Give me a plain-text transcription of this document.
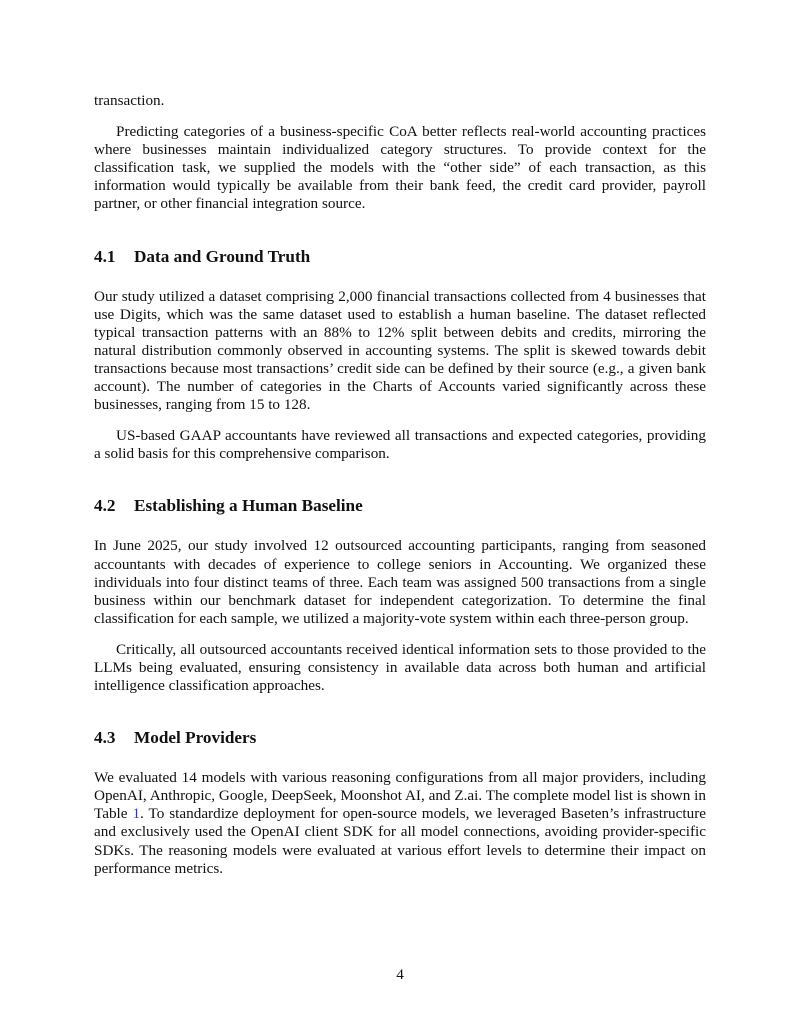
transaction.

Predicting categories of a business-specific CoA better reflects real-world accounting practices where businesses maintain individualized category structures. To provide context for the classification task, we supplied the models with the “other side” of each transaction, as this information would typically be available from their bank feed, the credit card provider, payroll partner, or other financial integration source.

4.1	Data and Ground Truth

Our study utilized a dataset comprising 2,000 financial transactions collected from 4 businesses that use Digits, which was the same dataset used to establish a human baseline. The dataset reflected typical transaction patterns with an 88% to 12% split between debits and credits, mirroring the natural distribution commonly observed in accounting systems. The split is skewed towards debit transactions because most transactions’ credit side can be defined by their source (e.g., a given bank account). The number of categories in the Charts of Accounts varied significantly across these businesses, ranging from 15 to 128.

US-based GAAP accountants have reviewed all transactions and expected categories, providing a solid basis for this comprehensive comparison.

4.2	Establishing a Human Baseline

In June 2025, our study involved 12 outsourced accounting participants, ranging from seasoned accountants with decades of experience to college seniors in Accounting. We organized these individuals into four distinct teams of three. Each team was assigned 500 transactions from a single business within our benchmark dataset for independent categorization. To determine the final classification for each sample, we utilized a majority-vote system within each three-person group.

Critically, all outsourced accountants received identical information sets to those provided to the LLMs being evaluated, ensuring consistency in available data across both human and artificial intelligence classification approaches.

4.3	Model Providers

We evaluated 14 models with various reasoning configurations from all major providers, including OpenAI, Anthropic, Google, DeepSeek, Moonshot AI, and Z.ai. The complete model list is shown in Table 1. To standardize deployment for open-source models, we leveraged Baseten’s infrastructure and exclusively used the OpenAI client SDK for all model connections, avoiding provider-specific SDKs. The reasoning models were evaluated at various effort levels to determine their impact on performance metrics.

4
